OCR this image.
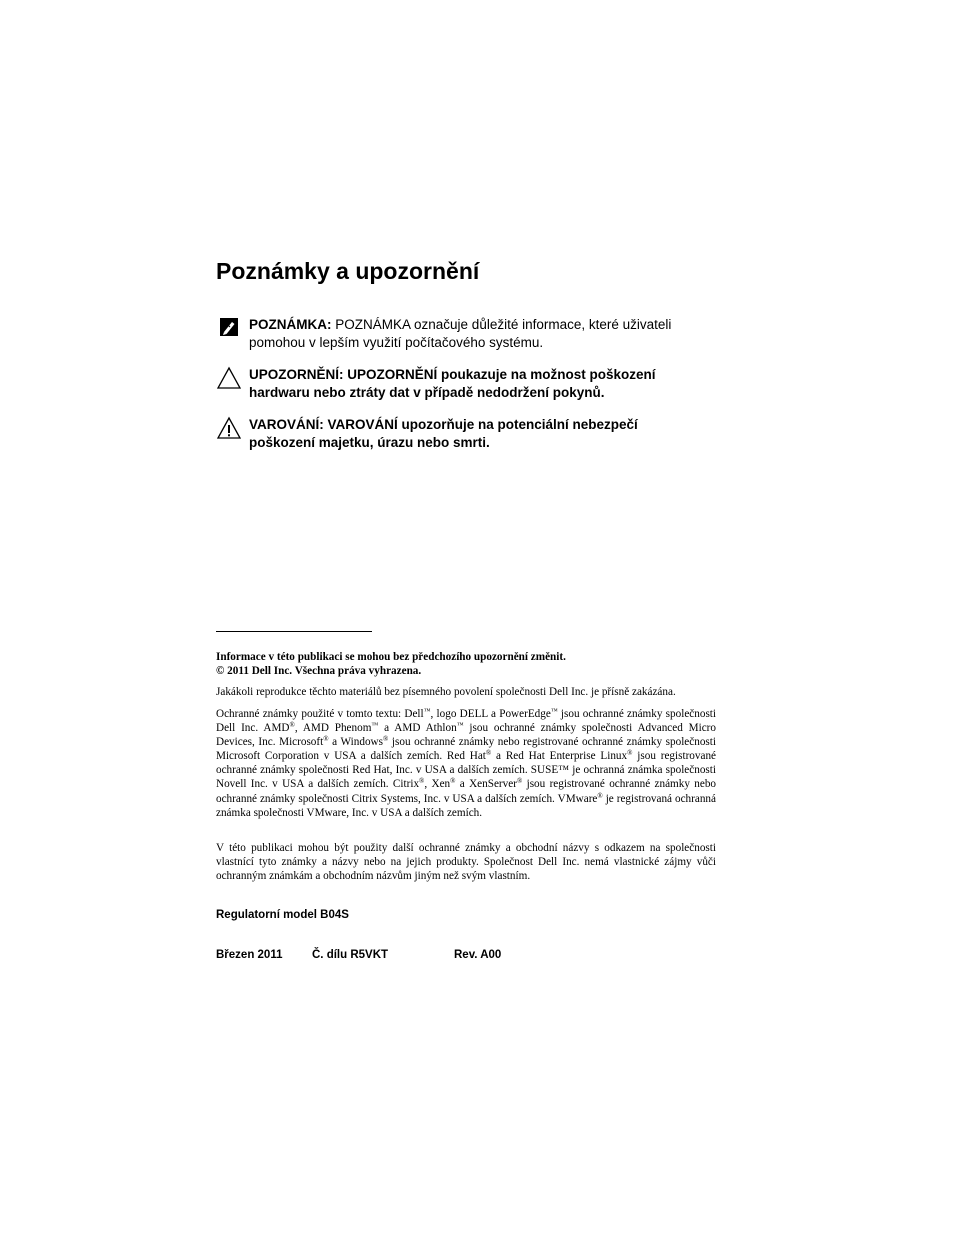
Poznámky a upozornění
POZNÁMKA: POZNÁMKA označuje důležité informace, které uživateli
pomohou v lepším využití počítačového systému.
UPOZORNĚNÍ: UPOZORNĚNÍ poukazuje na možnost poškození
hardwaru nebo ztráty dat v případě nedodržení pokynů.
VAROVÁNÍ: VAROVÁNÍ upozorňuje na potenciální nebezpečí
poškození majetku, úrazu nebo smrti.

Informace v této publikaci se mohou bez předchozího upozornění změnit.
© 2011 Dell Inc. Všechna práva vyhrazena.

Jakákoli reprodukce těchto materiálů bez písemného povolení společnosti Dell Inc. je přísně zakázána.

Ochranné známky použité v tomto textu: Dell™, logo DELL a PowerEdge™ jsou ochranné známky společnosti Dell Inc. AMD®, AMD Phenom™ a AMD Athlon™ jsou ochranné známky společnosti Advanced Micro Devices, Inc. Microsoft® a Windows® jsou ochranné známky nebo registrované ochranné známky společnosti Microsoft Corporation v USA a dalších zemích. Red Hat® a Red Hat Enterprise Linux® jsou registrované ochranné známky společnosti Red Hat, Inc. v USA a dalších zemích. SUSE™ je ochranná známka společnosti Novell Inc. v USA a dalších zemích. Citrix®, Xen® a XenServer® jsou registrované ochranné známky nebo ochranné známky společnosti Citrix Systems, Inc. v USA a dalších zemích. VMware® je registrovaná ochranná známka společnosti VMware, Inc. v USA a dalších zemích.

V této publikaci mohou být použity další ochranné známky a obchodní názvy s odkazem na společnosti vlastnící tyto známky a názvy nebo na jejich produkty. Společnost Dell Inc. nemá vlastnické zájmy vůči ochranným známkám a obchodním názvům jiným než svým vlastním.

Regulatorní model B04S
Březen 2011	Č. dílu R5VKT	Rev. A00
